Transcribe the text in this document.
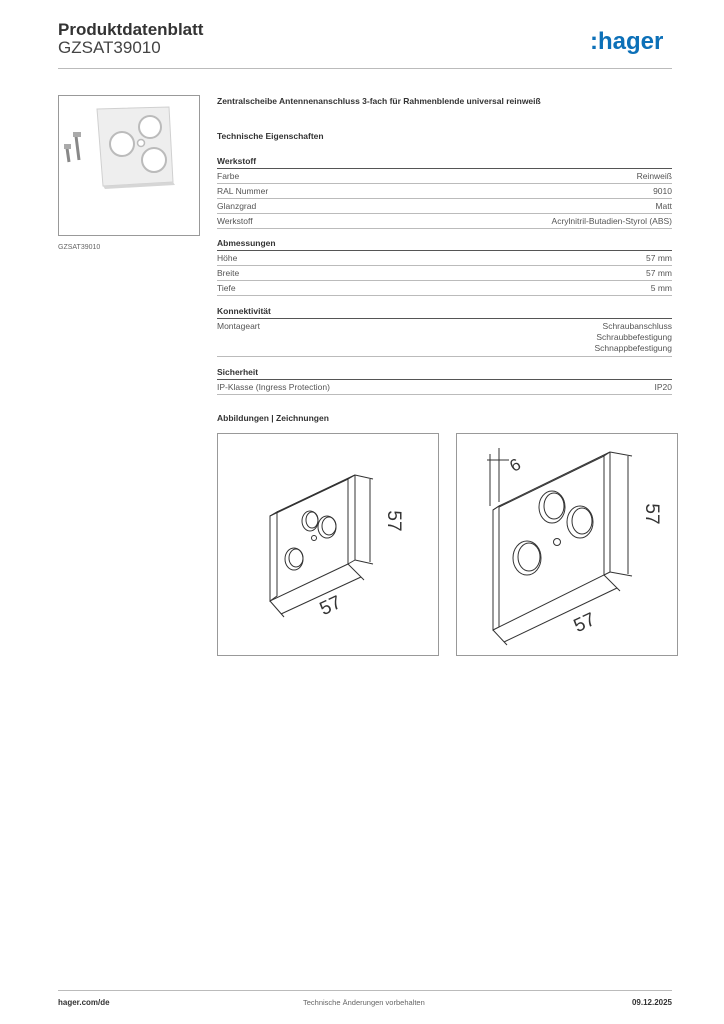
Produktdatenblatt
GZSAT39010	:hager
GZSAT39010
Zentralscheibe Antennenanschluss 3-fach für Rahmenblende universal reinweiß
Technische Eigenschaften
Werkstoff
Farbe	Reinweiß
RAL Nummer	9010
Glanzgrad	Matt
Werkstoff	Acrylnitril-Butadien-Styrol (ABS)
Abmessungen
Höhe	57 mm
Breite	57 mm
Tiefe	5 mm
Konnektivität
Montageart	Schraubanschluss
Schraubbefestigung
Schnappbefestigung
Sicherheit
IP-Klasse (Ingress Protection)	IP20
Abbildungen | Zeichnungen
57
57
6
57
57
hager.com/de	Technische Änderungen vorbehalten	09.12.2025
